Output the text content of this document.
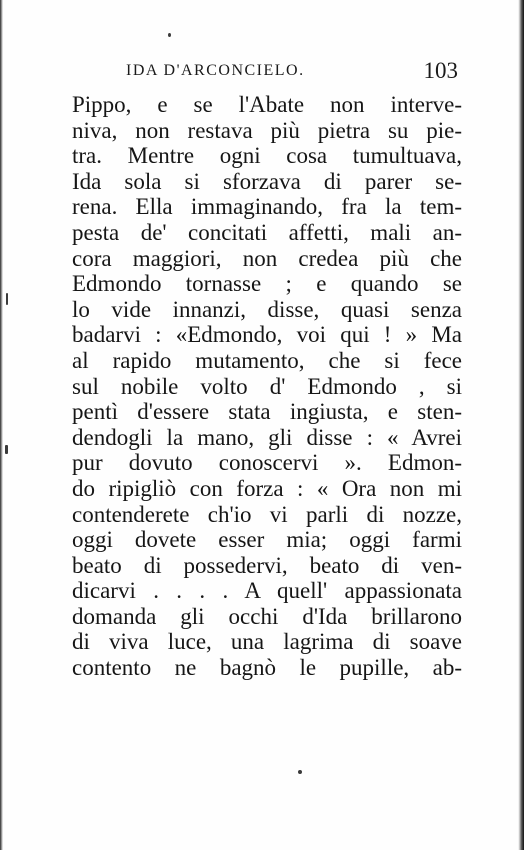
IDA D'ARCONCIELO.	103
Pippo, e se l'Abate non interve-
niva, non restava più pietra su pie-
tra. Mentre ogni cosa tumultuava,
Ida sola si sforzava di parer se-
rena. Ella immaginando, fra la tem-
pesta de' concitati affetti, mali an-
cora maggiori, non credea più che
Edmondo tornasse ; e quando se
lo vide innanzi, disse, quasi senza
badarvi : «Edmondo, voi qui ! » Ma
al rapido mutamento, che si fece
sul nobile volto d' Edmondo , si
pentì d'essere stata ingiusta, e sten-
dendogli la mano, gli disse : « Avrei
pur dovuto conoscervi ». Edmon-
do ripigliò con forza : « Ora non mi
contenderete ch'io vi parli di nozze,
oggi dovete esser mia; oggi farmi
beato di possedervi, beato di ven-
dicarvi . . . . A quell' appassionata
domanda gli occhi d'Ida brillarono
di viva luce, una lagrima di soave
contento ne bagnò le pupille, ab-
